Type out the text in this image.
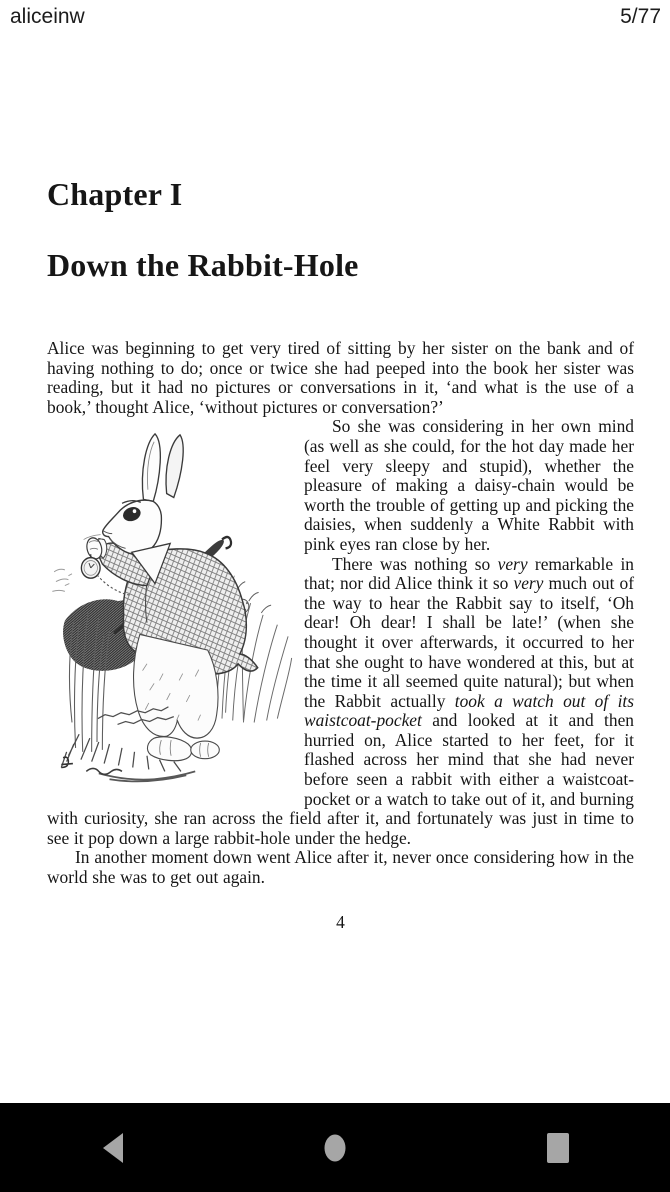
Chapter I
Down the Rabbit-Hole

Alice was beginning to get very tired of sitting by her sister on the bank and of having nothing to do; once or twice she had peeped into the book her sister was reading, but it had no pictures or conversations in it, ‘and what is the use of a book,’ thought Alice, ‘without pictures or conversation?’

So she was considering in her own mind (as well as she could, for the hot day made her feel very sleepy and stupid), whether the pleasure of making a daisy-chain would be worth the trouble of getting up and picking the daisies, when suddenly a White Rabbit with pink eyes ran close by her.

There was nothing so very remarkable in that; nor did Alice think it so very much out of the way to hear the Rabbit say to itself, ‘Oh dear! Oh dear! I shall be late!’ (when she thought it over afterwards, it occurred to her that she ought to have wondered at this, but at the time it all seemed quite natural); but when the Rabbit actually took a watch out of its waistcoat-pocket and looked at it and then hurried on, Alice started to her feet, for it flashed across her mind that she had never before seen a rabbit with either a waistcoat-pocket or a watch to take out of it, and burning with curiosity, she ran across the field after it, and fortunately was just in time to see it pop down a large rabbit-hole under the hedge.

In another moment down went Alice after it, never once considering how in the world she was to get out again.

4
aliceinw	5/77
